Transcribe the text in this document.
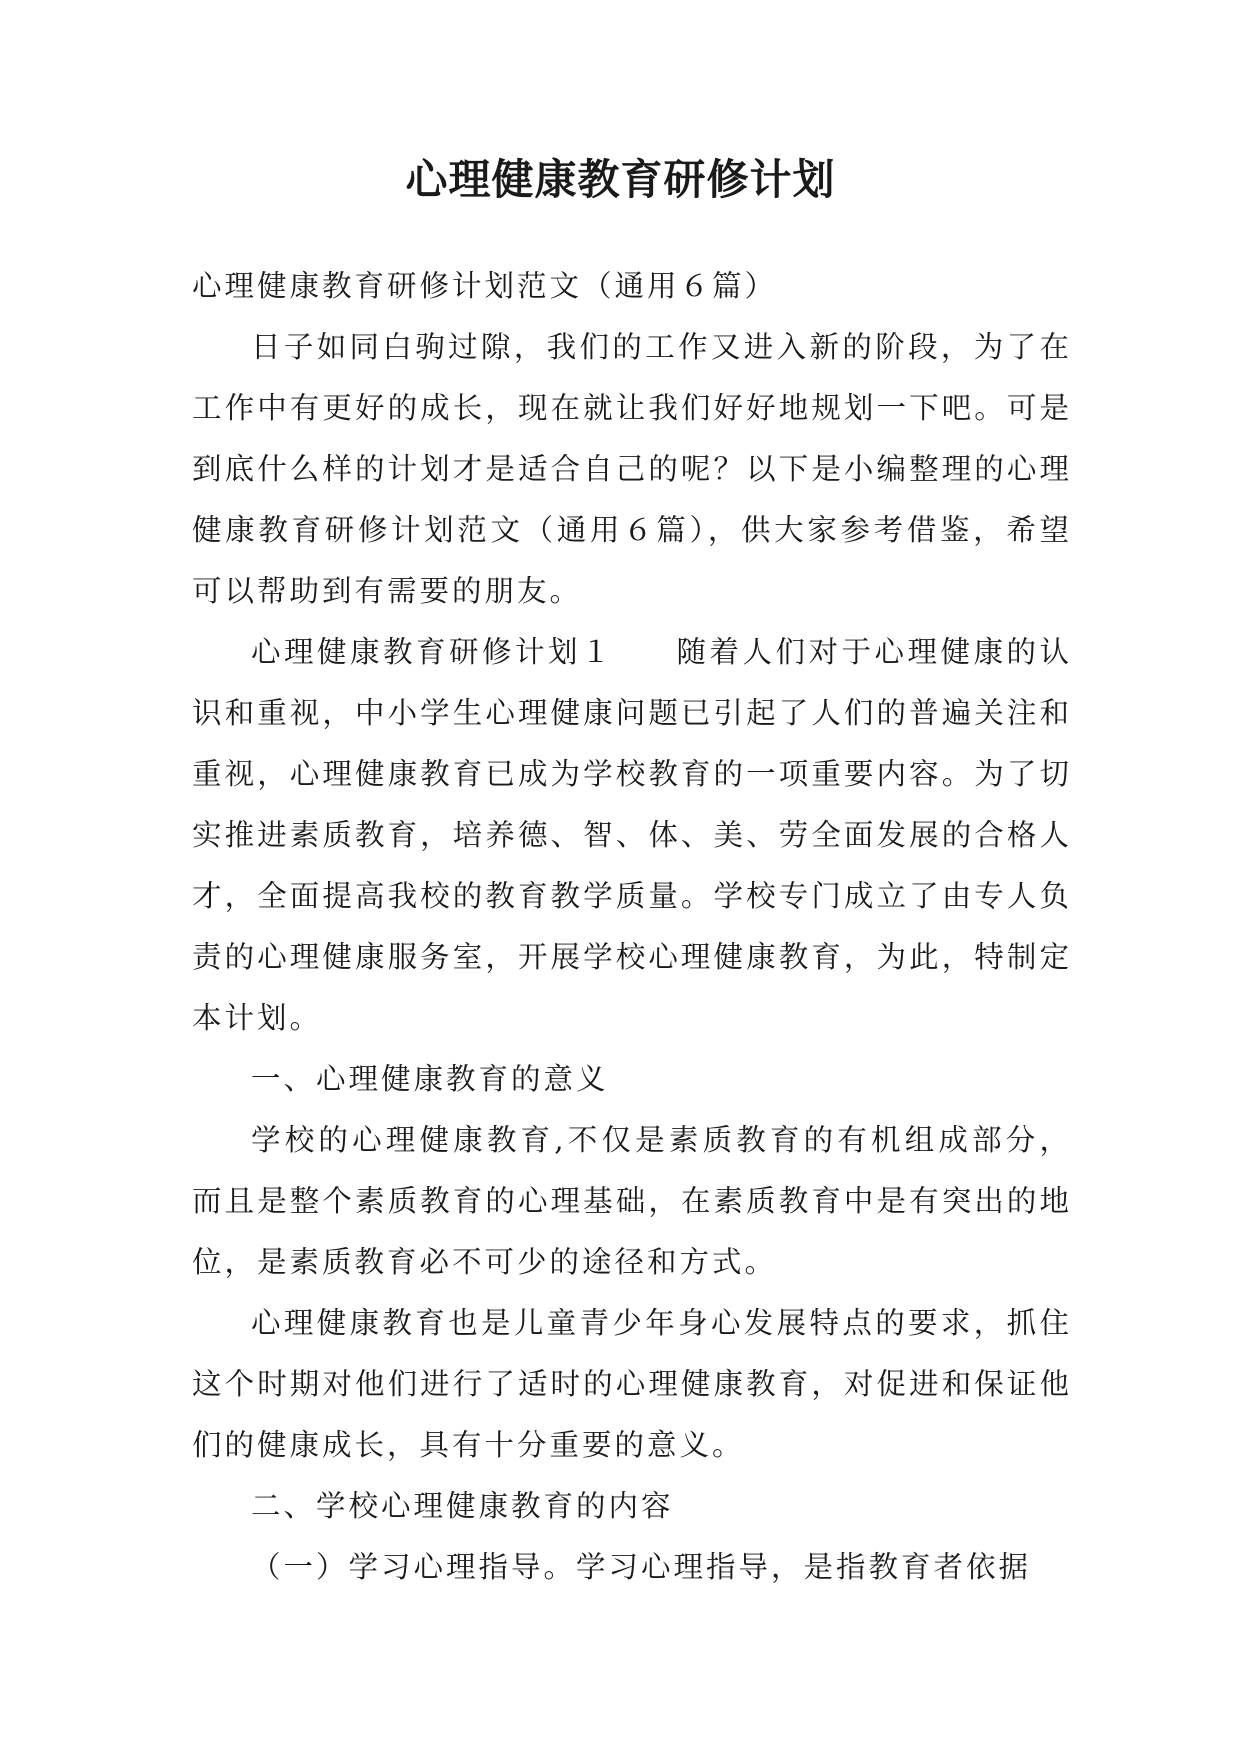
心理健康教育研修计划

心理健康教育研修计划范文（通用６篇）

日子如同白驹过隙，我们的工作又进入新的阶段，为了在工作中有更好的成长，现在就让我们好好地规划一下吧。可是到底什么样的计划才是适合自己的呢？以下是小编整理的心理健康教育研修计划范文（通用６篇），供大家参考借鉴，希望可以帮助到有需要的朋友。

心理健康教育研修计划１ 随着人们对于心理健康的认识和重视，中小学生心理健康问题已引起了人们的普遍关注和重视，心理健康教育已成为学校教育的一项重要内容。为了切实推进素质教育，培养德、智、体、美、劳全面发展的合格人才，全面提高我校的教育教学质量。学校专门成立了由专人负责的心理健康服务室，开展学校心理健康教育，为此，特制定本计划。

一、心理健康教育的意义

学校的心理健康教育,不仅是素质教育的有机组成部分，而且是整个素质教育的心理基础，在素质教育中是有突出的地位，是素质教育必不可少的途径和方式。

心理健康教育也是儿童青少年身心发展特点的要求，抓住这个时期对他们进行了适时的心理健康教育，对促进和保证他们的健康成长，具有十分重要的意义。

二、学校心理健康教育的内容

（一）学习心理指导。学习心理指导，是指教育者依据
